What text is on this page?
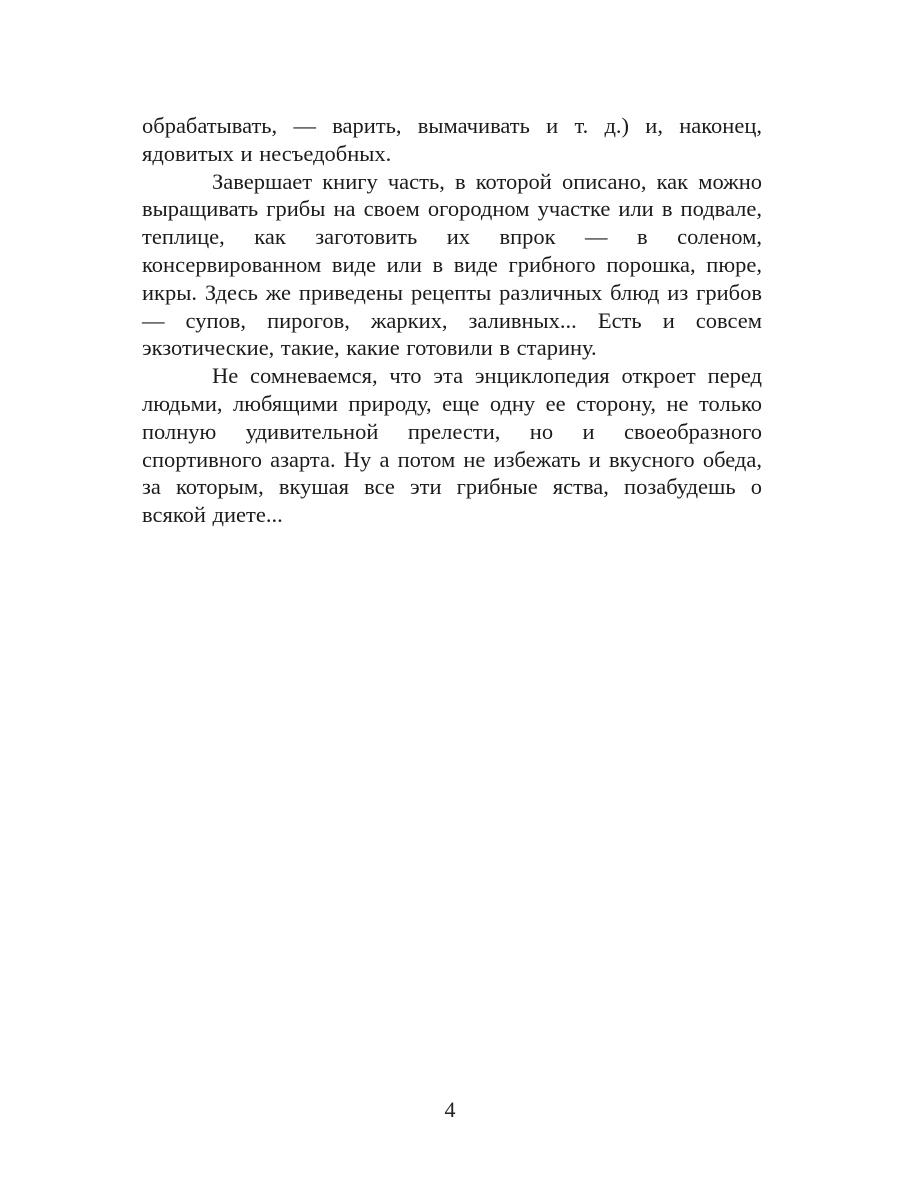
обрабатывать, — варить, вымачивать и т. д.) и, наконец, ядовитых и несъедобных.

Завершает книгу часть, в которой описано, как можно выращивать грибы на своем огородном участке или в подвале, теплице, как заготовить их впрок — в соленом, консервированном виде или в виде грибного порошка, пюре, икры. Здесь же приведены рецепты различных блюд из грибов — супов, пирогов, жарких, заливных... Есть и совсем экзотические, такие, какие готовили в старину.

Не сомневаемся, что эта энциклопедия откроет перед людьми, любящими природу, еще одну ее сторону, не только полную удивительной прелести, но и своеобразного спортивного азарта. Ну а потом не избежать и вкусного обеда, за которым, вкушая все эти грибные яства, позабудешь о всякой диете...

4
